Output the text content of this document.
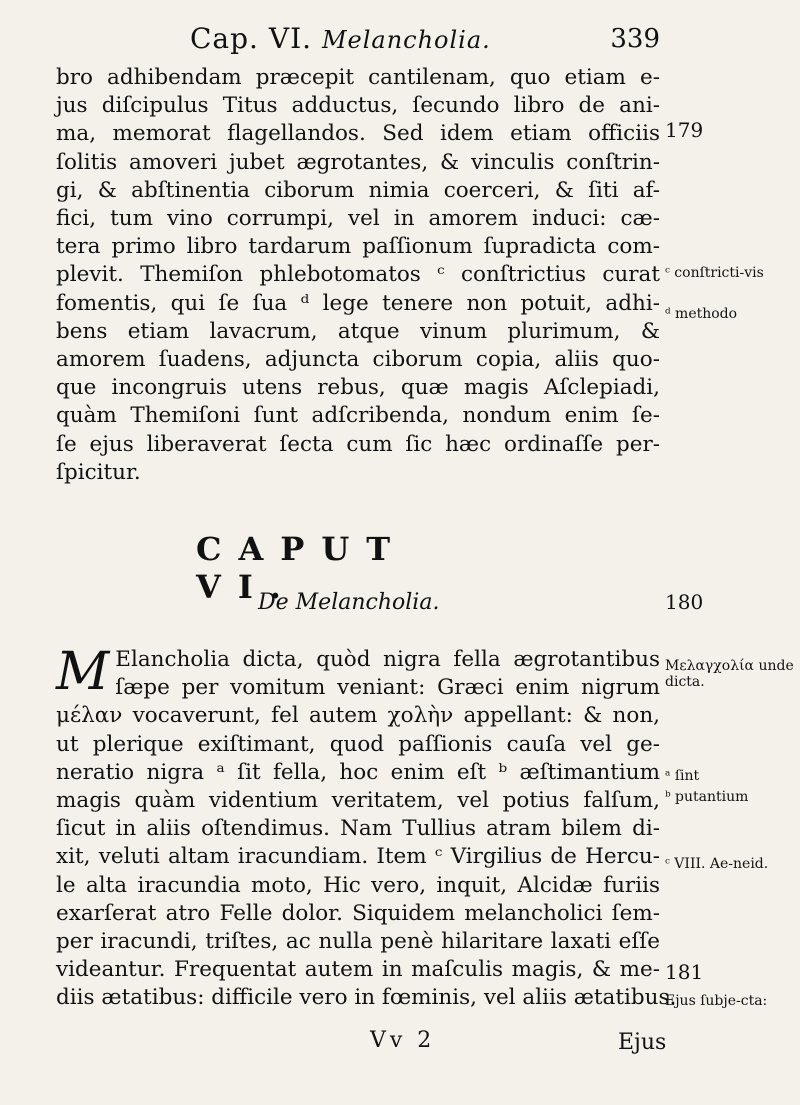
Cap. VI. Melancholia.	339
bro adhibendam præcepit cantilenam, quo etiam e-
jus diſcipulus Titus adductus, ſecundo libro de ani-
ma, memorat flagellandos. Sed idem etiam officiis
ſolitis amoveri jubet ægrotantes, & vinculis conſtrin-
gi, & abſtinentia ciborum nimia coerceri, & ſiti af-
fici, tum vino corrumpi, vel in amorem induci: cæ-
tera primo libro tardarum paſſionum ſupradicta com-
plevit. Themiſon phlebotomatos ᶜ conſtrictius curat
fomentis, qui ſe ſua ᵈ lege tenere non potuit, adhi-
bens etiam lavacrum, atque vinum plurimum, &
amorem ſuadens, adjuncta ciborum copia, aliis quo-
que incongruis utens rebus, quæ magis Aſclepiadi,
quàm Themiſoni ſunt adſcribenda, nondum enim ſe-
ſe ejus liberaverat ſecta cum ſic hæc ordinaſſe per-
ſpicitur.
CAPUT VI.
De Melancholia.
M Elancholia dicta, quòd nigra fella ægrotantibus
ſæpe per vomitum veniant: Græci enim nigrum
μέλαν vocaverunt, fel autem χολὴν appellant: & non,
ut plerique exiſtimant, quod paſſionis cauſa vel ge-
neratio nigra ᵃ ſit fella, hoc enim eſt ᵇ æſtimantium
magis quàm videntium veritatem, vel potius falſum,
ſicut in aliis oſtendimus. Nam Tullius atram bilem di-
xit, veluti altam iracundiam. Item ᶜ Virgilius de Hercu-
le alta iracundia moto, Hic vero, inquit, Alcidæ furiis
exarſerat atro Felle dolor. Siquidem melancholici ſem-
per iracundi, triſtes, ac nulla penè hilaritare laxati eſſe
videantur. Frequentat autem in maſculis magis, & me-
diis ætatibus: difficile vero in fœminis, vel aliis ætatibus.
179
ᶜ conſtricti-vis
ᵈ methodo
180
Μελαγχολία unde dicta.
ᵃ ſint
ᵇ putantium
ᶜ VIII. Ae-neid.
181
Ejus ſubje-cta:
Vv 2	Ejus
